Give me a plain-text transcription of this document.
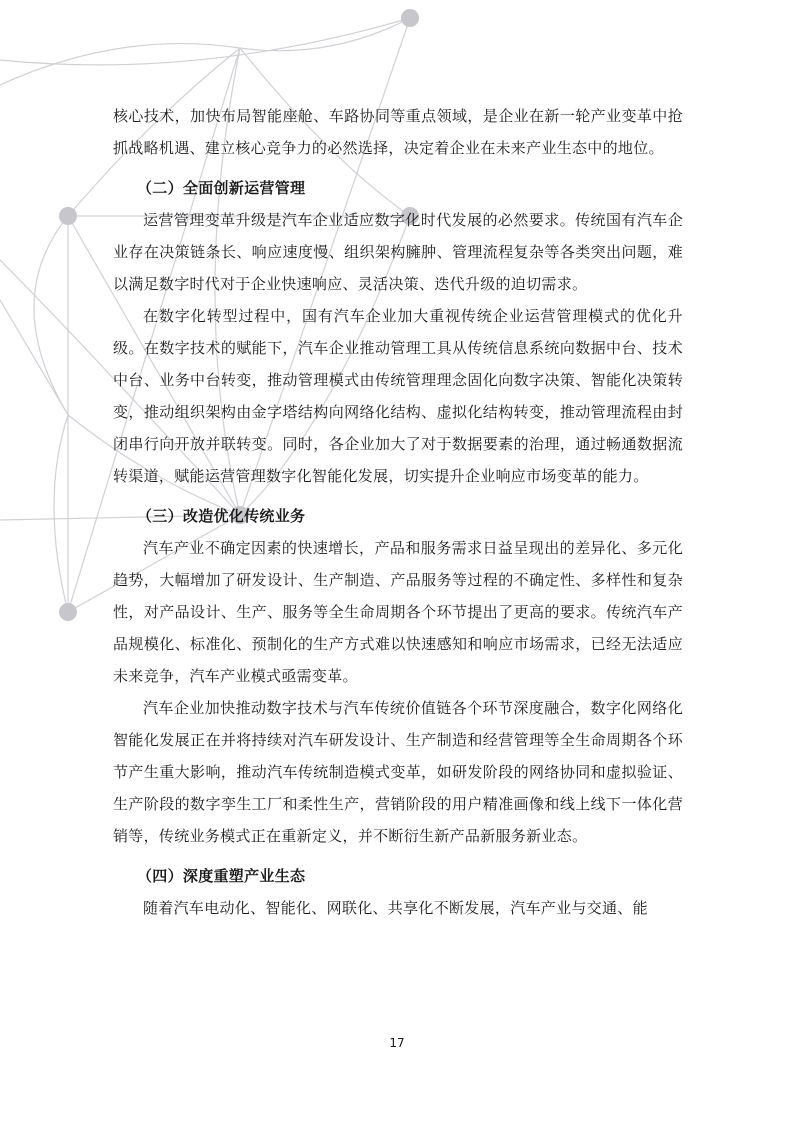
核心技术，加快布局智能座舱、车路协同等重点领域，是企业在新一轮产业变革中抢抓战略机遇、建立核心竞争力的必然选择，决定着企业在未来产业生态中的地位。

（二）全面创新运营管理

运营管理变革升级是汽车企业适应数字化时代发展的必然要求。传统国有汽车企业存在决策链条长、响应速度慢、组织架构臃肿、管理流程复杂等各类突出问题，难以满足数字时代对于企业快速响应、灵活决策、迭代升级的迫切需求。

在数字化转型过程中，国有汽车企业加大重视传统企业运营管理模式的优化升级。在数字技术的赋能下，汽车企业推动管理工具从传统信息系统向数据中台、技术中台、业务中台转变，推动管理模式由传统管理理念固化向数字决策、智能化决策转变，推动组织架构由金字塔结构向网络化结构、虚拟化结构转变，推动管理流程由封闭串行向开放并联转变。同时，各企业加大了对于数据要素的治理，通过畅通数据流转渠道，赋能运营管理数字化智能化发展，切实提升企业响应市场变革的能力。

（三）改造优化传统业务

汽车产业不确定因素的快速增长，产品和服务需求日益呈现出的差异化、多元化趋势，大幅增加了研发设计、生产制造、产品服务等过程的不确定性、多样性和复杂性，对产品设计、生产、服务等全生命周期各个环节提出了更高的要求。传统汽车产品规模化、标准化、预制化的生产方式难以快速感知和响应市场需求，已经无法适应未来竞争，汽车产业模式亟需变革。

汽车企业加快推动数字技术与汽车传统价值链各个环节深度融合，数字化网络化智能化发展正在并将持续对汽车研发设计、生产制造和经营管理等全生命周期各个环节产生重大影响，推动汽车传统制造模式变革，如研发阶段的网络协同和虚拟验证、生产阶段的数字孪生工厂和柔性生产，营销阶段的用户精准画像和线上线下一体化营销等，传统业务模式正在重新定义，并不断衍生新产品新服务新业态。

（四）深度重塑产业生态

随着汽车电动化、智能化、网联化、共享化不断发展，汽车产业与交通、能

17
